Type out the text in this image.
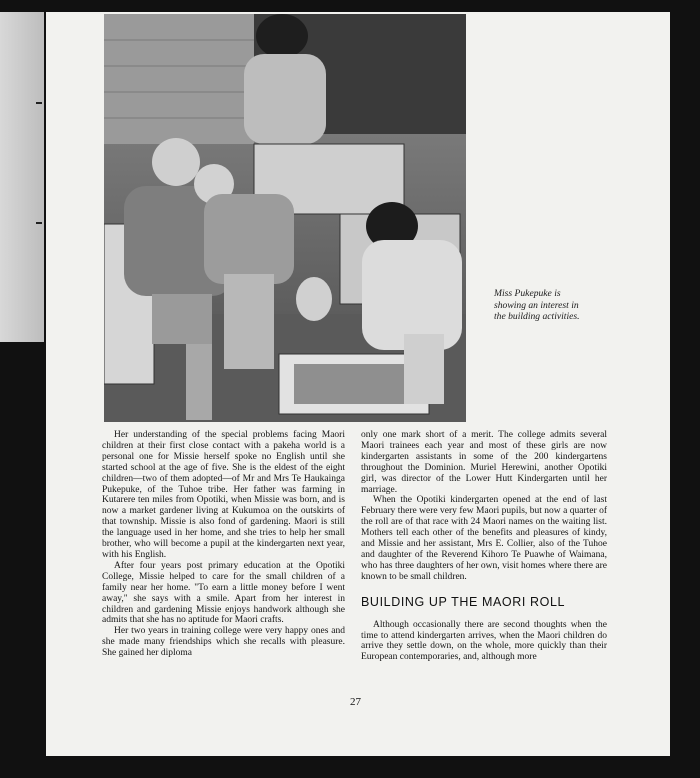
Miss Pukepuke is
showing an interest in
the building activities.

Her understanding of the special problems facing Maori children at their first close contact with a pakeha world is a personal one for Missie herself spoke no English until she started school at the age of five. She is the eldest of the eight children—two of them adopted—of Mr and Mrs Te Haukainga Pukepuke, of the Tuhoe tribe. Her father was farming in Kutarere ten miles from Opotiki, when Missie was born, and is now a market gardener living at Kukumoa on the outskirts of that township. Missie is also fond of gardening. Maori is still the language used in her home, and she tries to help her small brother, who will become a pupil at the kindergarten next year, with his English.

After four years post primary education at the Opotiki College, Missie helped to care for the small children of a family near her home. "To earn a little money before I went away," she says with a smile. Apart from her interest in children and gardening Missie enjoys handwork although she admits that she has no aptitude for Maori crafts.

Her two years in training college were very happy ones and she made many friendships which she recalls with pleasure. She gained her diploma

only one mark short of a merit. The college admits several Maori trainees each year and most of these girls are now kindergarten assistants in some of the 200 kindergartens throughout the Dominion. Muriel Herewini, another Opotiki girl, was director of the Lower Hutt Kindergarten until her marriage.

When the Opotiki kindergarten opened at the end of last February there were very few Maori pupils, but now a quarter of the roll are of that race with 24 Maori names on the waiting list. Mothers tell each other of the benefits and pleasures of kindy, and Missie and her assistant, Mrs E. Collier, also of the Tuhoe and daughter of the Reverend Kihoro Te Puawhe of Waimana, who has three daughters of her own, visit homes where there are known to be small children.

BUILDING UP THE MAORI ROLL

Although occasionally there are second thoughts when the time to attend kindergarten arrives, when the Maori children do arrive they settle down, on the whole, more quickly than their European contemporaries, and, although more

27
